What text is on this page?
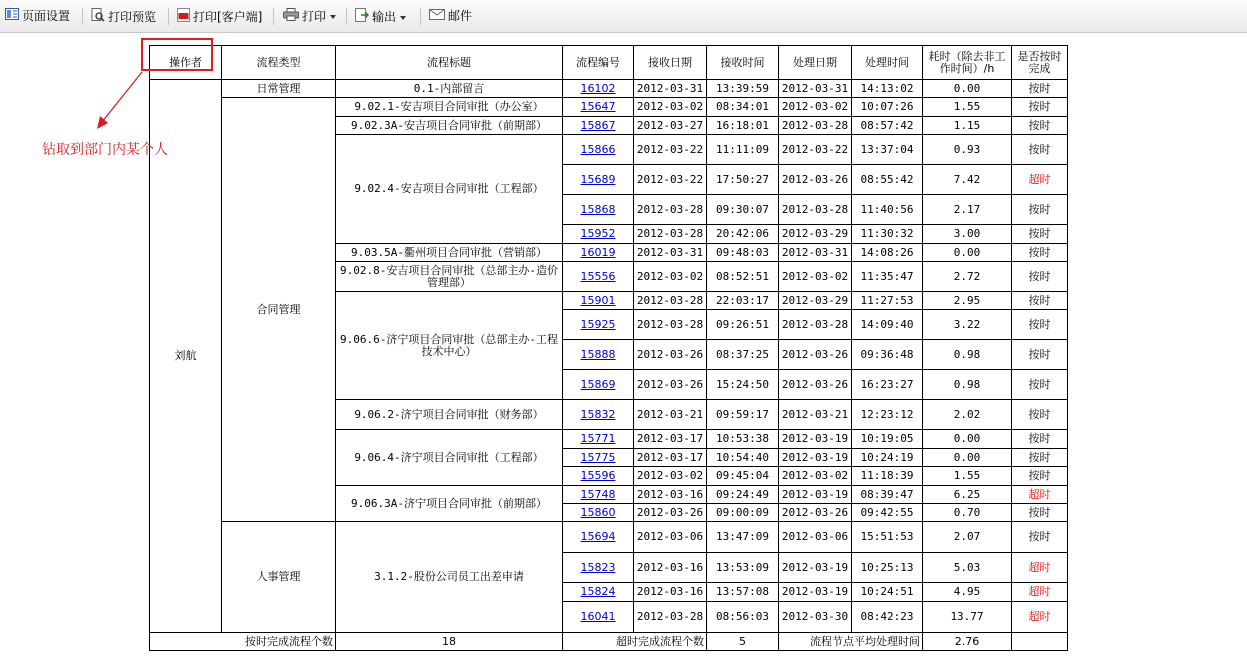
页面设置	打印预览	打印[客户端]	打印	输出	邮件
操作者	流程类型	流程标题	流程编号	接收日期	接收时间	处理日期	处理时间	耗时（除去非工作时间）/h	是否按时完成
刘航	日常管理	0.1-内部留言	16102	2012-03-31	13:39:59	2012-03-31	14:13:02	0.00	按时
	合同管理	9.02.1-安吉项目合同审批（办公室）	15647	2012-03-02	08:34:01	2012-03-02	10:07:26	1.55	按时
		9.02.3A-安吉项目合同审批（前期部）	15867	2012-03-27	16:18:01	2012-03-28	08:57:42	1.15	按时
		9.02.4-安吉项目合同审批（工程部）	15866	2012-03-22	11:11:09	2012-03-22	13:37:04	0.93	按时
			15689	2012-03-22	17:50:27	2012-03-26	08:55:42	7.42	超时
			15868	2012-03-28	09:30:07	2012-03-28	11:40:56	2.17	按时
			15952	2012-03-28	20:42:06	2012-03-29	11:30:32	3.00	按时
		9.03.5A-衢州项目合同审批（营销部）	16019	2012-03-31	09:48:03	2012-03-31	14:08:26	0.00	按时
		9.02.8-安吉项目合同审批（总部主办-造价管理部）	15556	2012-03-02	08:52:51	2012-03-02	11:35:47	2.72	按时
		9.06.6-济宁项目合同审批（总部主办-工程技术中心）	15901	2012-03-28	22:03:17	2012-03-29	11:27:53	2.95	按时
			15925	2012-03-28	09:26:51	2012-03-28	14:09:40	3.22	按时
			15888	2012-03-26	08:37:25	2012-03-26	09:36:48	0.98	按时
			15869	2012-03-26	15:24:50	2012-03-26	16:23:27	0.98	按时
		9.06.2-济宁项目合同审批（财务部）	15832	2012-03-21	09:59:17	2012-03-21	12:23:12	2.02	按时
		9.06.4-济宁项目合同审批（工程部）	15771	2012-03-17	10:53:38	2012-03-19	10:19:05	0.00	按时
			15775	2012-03-17	10:54:40	2012-03-19	10:24:19	0.00	按时
			15596	2012-03-02	09:45:04	2012-03-02	11:18:39	1.55	按时
		9.06.3A-济宁项目合同审批（前期部）	15748	2012-03-16	09:24:49	2012-03-19	08:39:47	6.25	超时
			15860	2012-03-26	09:00:09	2012-03-26	09:42:55	0.70	按时
	人事管理	3.1.2-股份公司员工出差申请	15694	2012-03-06	13:47:09	2012-03-06	15:51:53	2.07	按时
			15823	2012-03-16	13:53:09	2012-03-19	10:25:13	5.03	超时
			15824	2012-03-16	13:57:08	2012-03-19	10:24:51	4.95	超时
			16041	2012-03-28	08:56:03	2012-03-30	08:42:23	13.77	超时
按时完成流程个数		18	超时完成流程个数		5	流程节点平均处理时间		2.76	
钻取到部门内某个人
